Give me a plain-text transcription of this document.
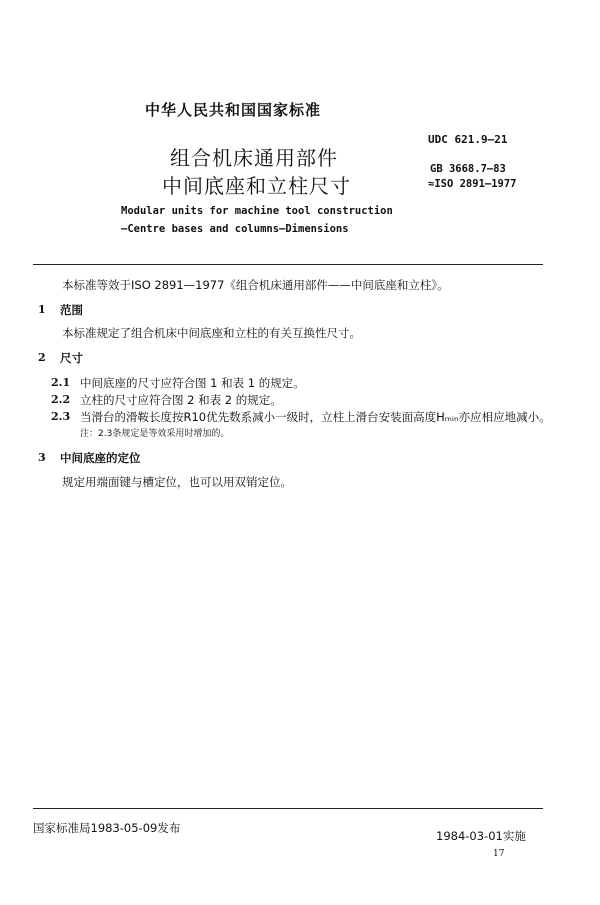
中华人民共和国国家标准
组合机床通用部件
中间底座和立柱尺寸
Modular units for machine tool construction
—Centre bases and columns—Dimensions
UDC 621.9—21
GB 3668.7—83
≈ISO 2891—1977
本标准等效于ISO 2891—1977《组合机床通用部件——中间底座和立柱》。
1 范围
本标准规定了组合机床中间底座和立柱的有关互换性尺寸。
2 尺寸
2.1 中间底座的尺寸应符合图 1 和表 1 的规定。
2.2 立柱的尺寸应符合图 2 和表 2 的规定。
2.3 当滑台的滑鞍长度按R10优先数系减小一级时，立柱上滑台安装面高度Hₘᵢₙ亦应相应地减小。
注：2.3条规定是等效采用时增加的。
3 中间底座的定位
规定用端面键与槽定位，也可以用双销定位。
国家标准局1983-05-09发布
1984-03-01实施
17
